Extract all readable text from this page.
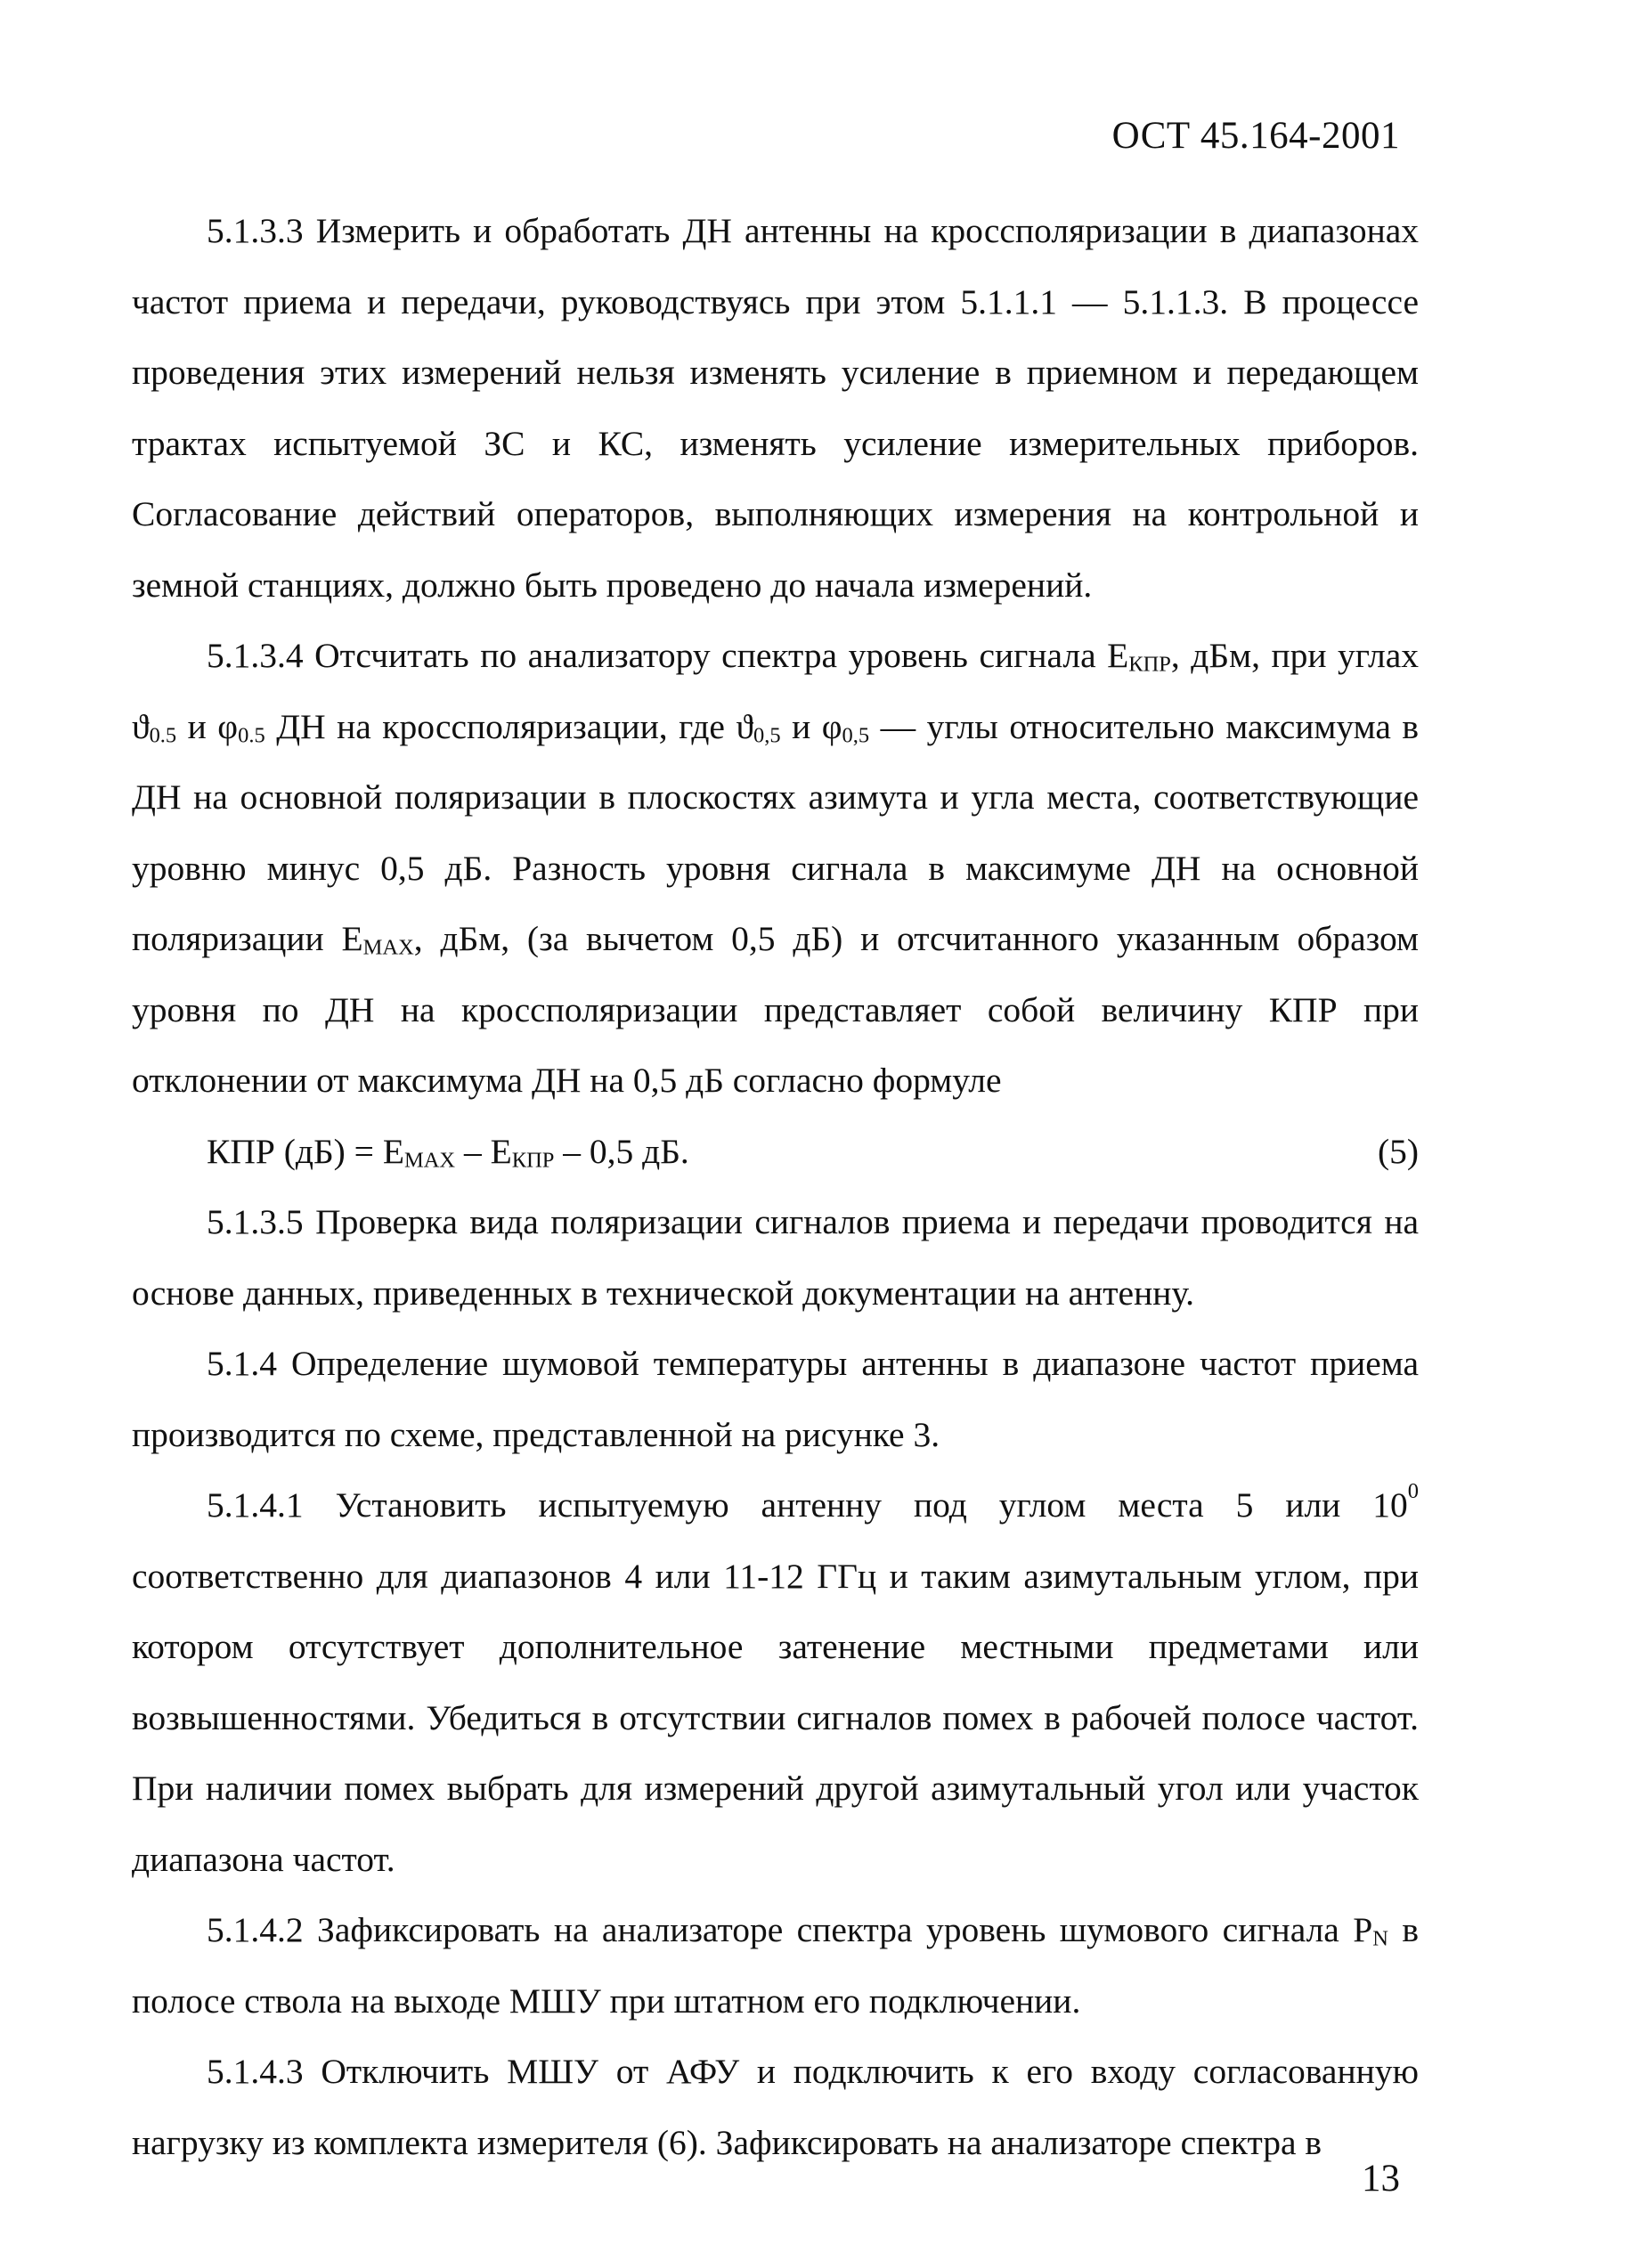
ОСТ 45.164-2001

5.1.3.3 Измерить и обработать ДН антенны на кроссполяризации в диапазонах частот приема и передачи, руководствуясь при этом 5.1.1.1 — 5.1.1.3. В процессе проведения этих измерений нельзя изменять усиление в приемном и передающем трактах испытуемой ЗС и КС, изменять усиление измерительных приборов. Согласование действий операторов, выполняющих измерения на контрольной и земной станциях, должно быть проведено до начала измерений.

5.1.3.4 Отсчитать по анализатору спектра уровень сигнала $E_{КПР}$, дБм, при углах $ϑ_{0.5}$ и $\varphi_{0.5}$ ДН на кроссполяризации, где $ϑ_{0,5}$ и $\varphi_{0,5}$ — углы относительно максимума в ДН на основной поляризации в плоскостях азимута и угла места, соответствующие уровню минус 0,5 дБ. Разность уровня сигнала в максимуме ДН на основной поляризации $E_{MAX}$, дБм, (за вычетом 0,5 дБ) и отсчитанного указанным образом уровня по ДН на кроссполяризации представляет собой величину КПР при отклонении от максимума ДН на 0,5 дБ согласно формуле

КПР $(дБ) = E_{MAX} - E_{КПР} - 0,5$ дБ.	(5)

5.1.3.5 Проверка вида поляризации сигналов приема и передачи проводится на основе данных, приведенных в технической документации на антенну.

5.1.4 Определение шумовой температуры антенны в диапазоне частот приема производится по схеме, представленной на рисунке 3.

5.1.4.1 Установить испытуемую антенну под углом места 5 или $10^0$ соответственно для диапазонов 4 или 11-12 ГГц и таким азимутальным углом, при котором отсутствует дополнительное затенение местными предметами или возвышенностями. Убедиться в отсутствии сигналов помех в рабочей полосе частот. При наличии помех выбрать для измерений другой азимутальный угол или участок диапазона частот.

5.1.4.2 Зафиксировать на анализаторе спектра уровень шумового сигнала $P_N$ в полосе ствола на выходе МШУ при штатном его подключении.

5.1.4.3 Отключить МШУ от АФУ и подключить к его входу согласованную нагрузку из комплекта измерителя (6). Зафиксировать на анализаторе спектра в

13
